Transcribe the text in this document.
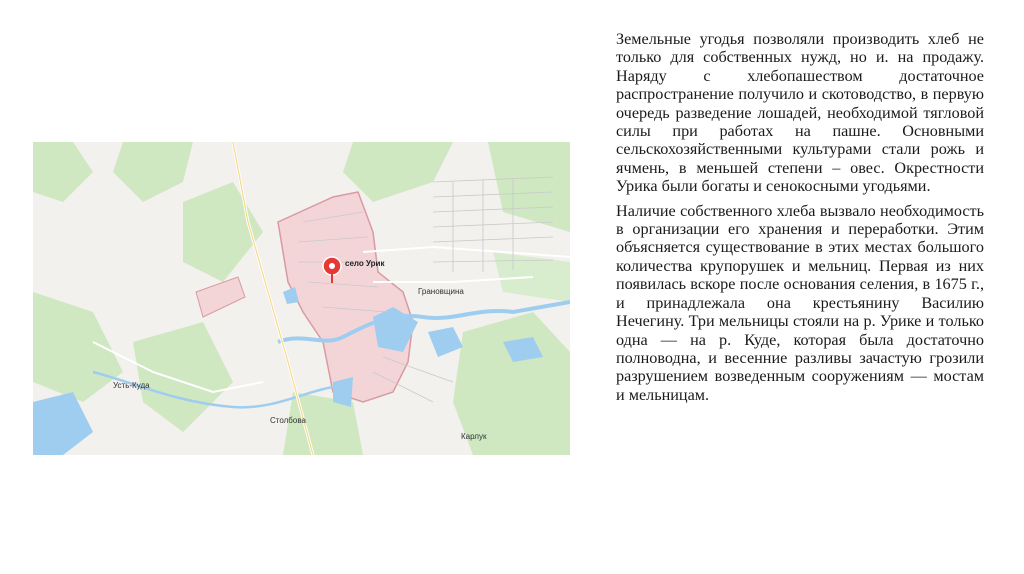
село Урик
Усть-Куда
Столбова
Грановщина
Карлук

Земельные угодья позволяли производить хлеб не только для собственных нужд, но и. на продажу. Наряду с хлебопашеством достаточное распространение получило и скотоводство, в первую очередь разведение лошадей, необходимой тягловой силы при работах на пашне. Основными сельскохозяйственными культурами стали рожь и ячмень, в меньшей степени – овес. Окрестности Урика были богаты и сенокосными угодьями.

Наличие собственного хлеба вызвало необходимость в организации его хранения и переработки. Этим объясняется существование в этих местах большого количества крупорушек и мельниц. Первая из них появилась вскоре после основания селения, в 1675 г., и принадлежала она крестьянину Василию Нечегину. Три мельницы стояли на р. Урике и только одна — на р. Куде, которая была достаточно полноводна, и весенние разливы зачастую грозили разрушением возведенным сооружениям — мостам и мельницам.
